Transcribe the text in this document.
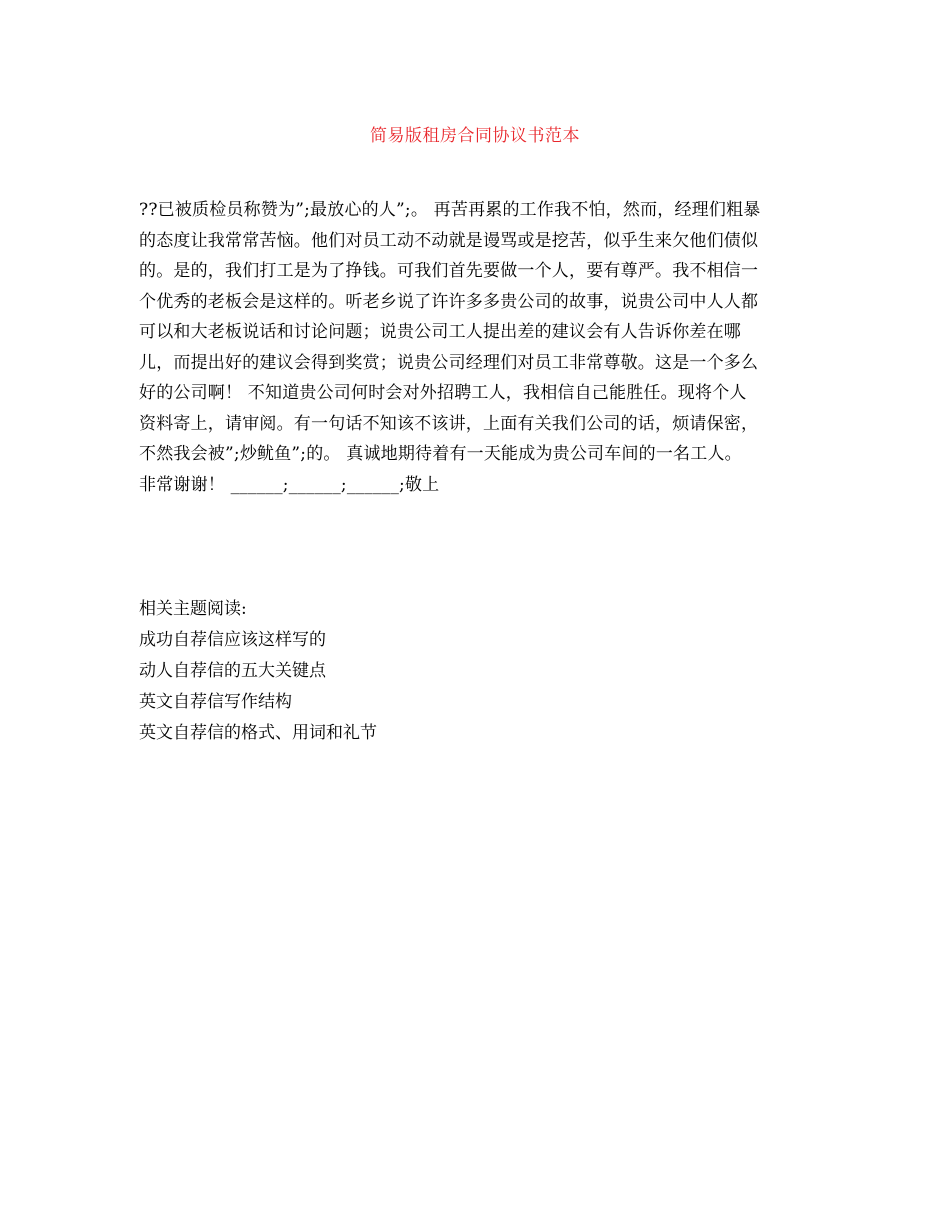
简易版租房合同协议书范本
??已被质检员称赞为”;最放心的人”;。 再苦再累的工作我不怕，然而，经理们粗暴
的态度让我常常苦恼。他们对员工动不动就是谩骂或是挖苦，似乎生来欠他们债似
的。是的，我们打工是为了挣钱。可我们首先要做一个人，要有尊严。我不相信一
个优秀的老板会是这样的。听老乡说了许许多多贵公司的故事，说贵公司中人人都
可以和大老板说话和讨论问题；说贵公司工人提出差的建议会有人告诉你差在哪
儿，而提出好的建议会得到奖赏；说贵公司经理们对员工非常尊敬。这是一个多么
好的公司啊！ 不知道贵公司何时会对外招聘工人，我相信自己能胜任。现将个人
资料寄上，请审阅。有一句话不知该不该讲，上面有关我们公司的话，烦请保密，
不然我会被”;炒鱿鱼”;的。 真诚地期待着有一天能成为贵公司车间的一名工人。
非常谢谢！ ______;______;______;敬上
相关主题阅读:
成功自荐信应该这样写的
动人自荐信的五大关键点
英文自荐信写作结构
英文自荐信的格式、用词和礼节
